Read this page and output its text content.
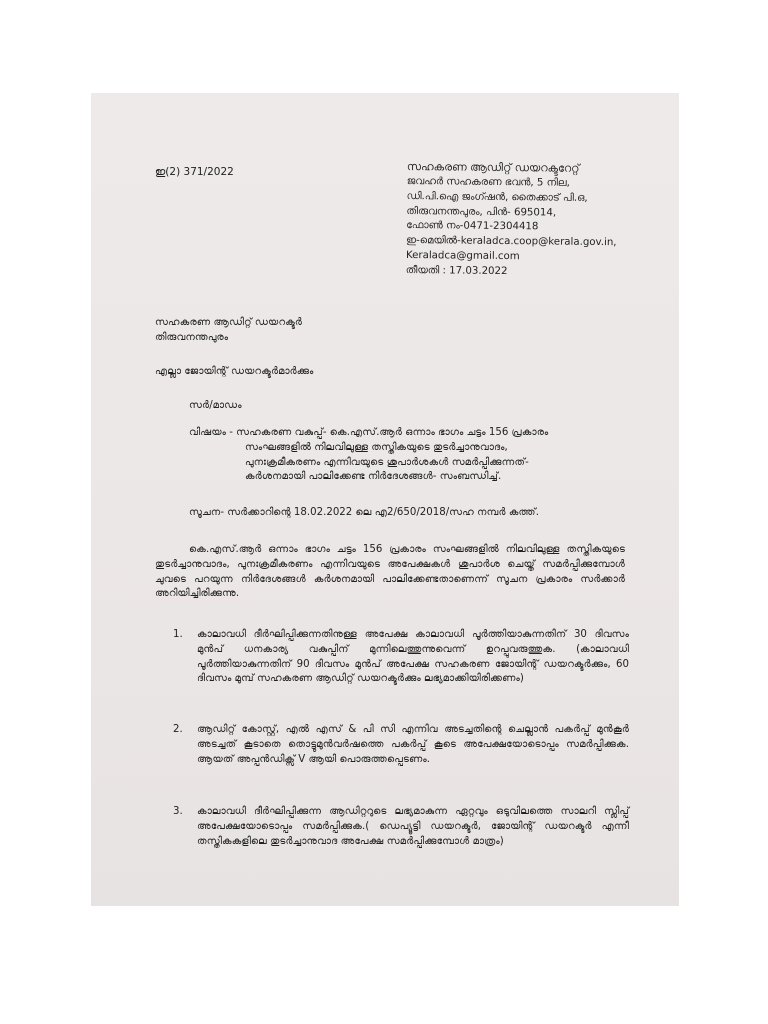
ഇ(2) 371/2022	സഹകരണ ആഡിറ്റ് ഡയറക്ടറേറ്റ്
ജവഹർ സഹകരണ ഭവൻ, 5 നില,
ഡി.പി.ഐ ജംഗ്ഷൻ, തൈക്കാട് പി.ഒ,
തിരുവനന്തപുരം, പിൻ- 695014,
ഫോൺ നം-0471-2304418
ഇ-മെയിൽ-keraladca.coop@kerala.gov.in,
Keraladca@gmail.com
തീയതി : 17.03.2022
സഹകരണ ആഡിറ്റ് ഡയറക്ടർ
തിരുവനന്തപുരം
എല്ലാ ജോയിന്റ് ഡയറക്ടർമാർക്കും
സർ/മാഡം
വിഷയം - സഹകരണ വകുപ്പ്- കെ.എസ്.ആർ ഒന്നാം ഭാഗം ചട്ടം 156 പ്രകാരം
സംഘങ്ങളിൽ നിലവിലുള്ള തസ്തികയുടെ തുടർച്ചാനുവാദം,
പുനഃക്രമീകരണം എന്നിവയുടെ ശുപാർശകൾ സമർപ്പിക്കുന്നത്-
കർശനമായി പാലിക്കേണ്ട നിർദേശങ്ങൾ- സംബന്ധിച്ച്.
സൂചന- സർക്കാറിന്റെ 18.02.2022 ലെ എ2/650/2018/സഹ നമ്പർ കത്ത്.
കെ.എസ്.ആർ ഒന്നാം ഭാഗം ചട്ടം 156 പ്രകാരം സംഘങ്ങളിൽ നിലവിലുള്ള തസ്തികയുടെ തുടർച്ചാനുവാദം, പുനഃക്രമീകരണം എന്നിവയുടെ അപേക്ഷകൾ ശുപാർശ ചെയ്ത് സമർപ്പിക്കുമ്പോൾ ചുവടെ പറയുന്ന നിർദേശങ്ങൾ കർശനമായി പാലിക്കേണ്ടതാണെന്ന് സൂചന പ്രകാരം സർക്കാർ അറിയിച്ചിരിക്കുന്നു.
1. കാലാവധി ദീർഘിപ്പിക്കുന്നതിനുള്ള അപേക്ഷ കാലാവധി പൂർത്തിയാകുന്നതിന് 30 ദിവസം മുൻപ് ധനകാര്യ വകുപ്പിന് മുന്നിലെത്തുന്നുവെന്ന് ഉറപ്പുവരുത്തുക. (കാലാവധി പൂർത്തിയാകുന്നതിന് 90 ദിവസം മുൻപ് അപേക്ഷ സഹകരണ ജോയിന്റ് ഡയറക്ടർക്കും, 60 ദിവസം മുമ്പ് സഹകരണ ആഡിറ്റ് ഡയറക്ടർക്കും ലഭ്യമാക്കിയിരിക്കണം)
2. ആഡിറ്റ് കോസ്റ്റ്, എൽ എസ് & പി സി എന്നിവ അടച്ചതിന്റെ ചെല്ലാൻ പകർപ്പ് മുൻകൂർ അടച്ചത് കൂടാതെ തൊട്ടുമുൻവർഷത്തെ പകർപ്പ് കൂടെ അപേക്ഷയോടൊപ്പം സമർപ്പിക്കുക. ആയത് അപ്പൻഡിക്സ് V ആയി പൊരുത്തപ്പെടണം.
3. കാലാവധി ദീർഘിപ്പിക്കുന്ന ആഡിറ്ററുടെ ലഭ്യമാകുന്ന ഏറ്റവും ഒടുവിലത്തെ സാലറി സ്ലിപ്പ് അപേക്ഷയോടൊപ്പം സമർപ്പിക്കുക.( ഡെപ്യൂട്ടി ഡയറക്ടർ, ജോയിന്റ് ഡയറക്ടർ എന്നീ തസ്തികകളിലെ തുടർച്ചാനുവാദ അപേക്ഷ സമർപ്പിക്കുമ്പോൾ മാത്രം)
